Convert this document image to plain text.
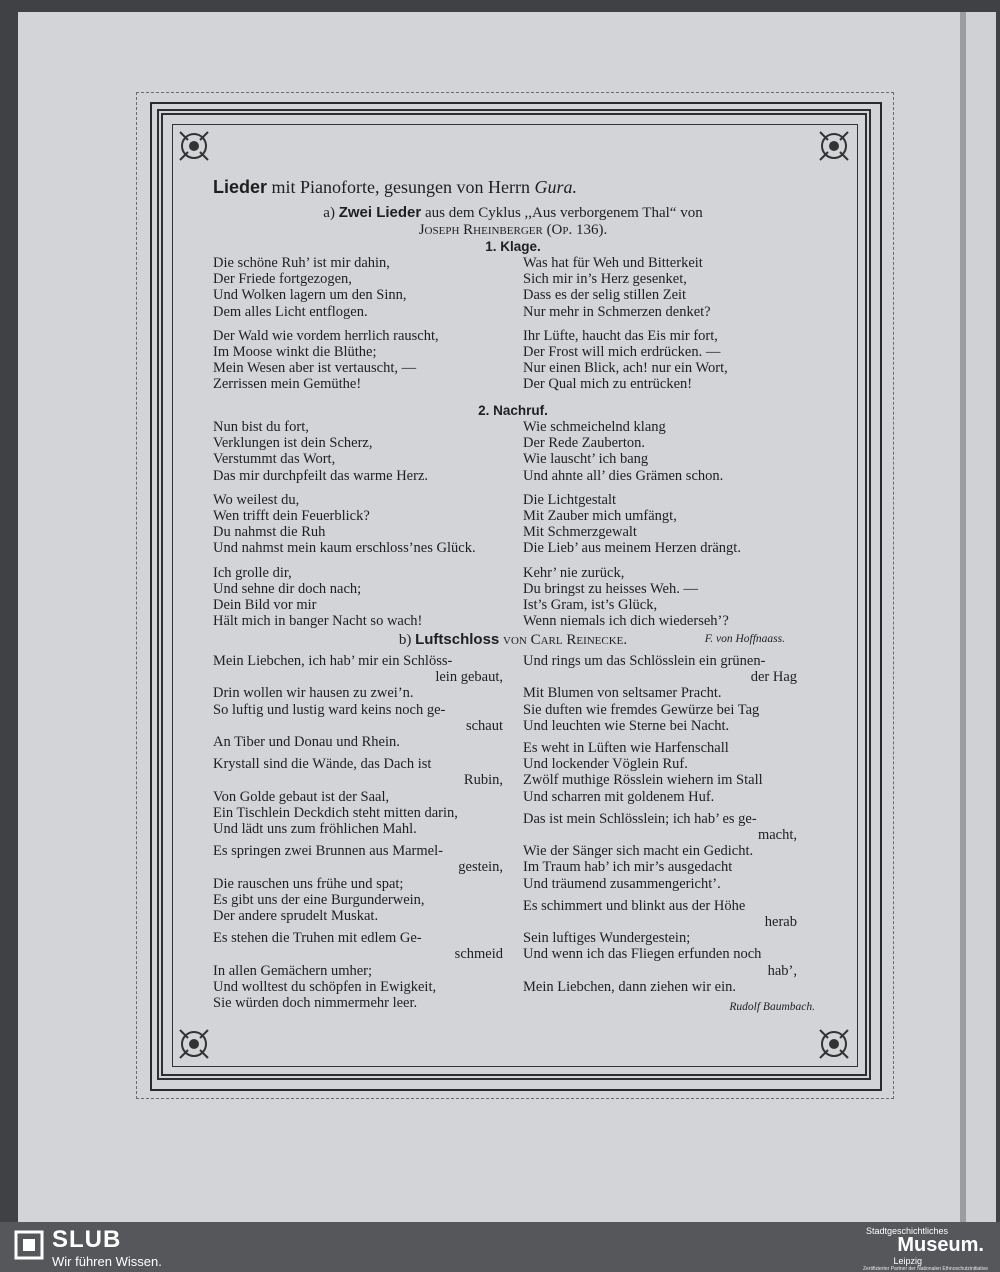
Lieder mit Pianoforte, gesungen von Herrn Gura.

a) Zwei Lieder aus dem Cyklus ,,Aus verborgenem Thal“ von
Joseph Rheinberger (Op. 136).
1. Klage.
Die schöne Ruh’ ist mir dahin,
Der Friede fortgezogen,
Und Wolken lagern um den Sinn,
Dem alles Licht entflogen.
Der Wald wie vordem herrlich rauscht,
Im Moose winkt die Blüthe;
Mein Wesen aber ist vertauscht, —
Zerrissen mein Gemüthe!
Was hat für Weh und Bitterkeit
Sich mir in’s Herz gesenket,
Dass es der selig stillen Zeit
Nur mehr in Schmerzen denket?
Ihr Lüfte, haucht das Eis mir fort,
Der Frost will mich erdrücken. —
Nur einen Blick, ach! nur ein Wort,
Der Qual mich zu entrücken!
2. Nachruf.
Nun bist du fort,
Verklungen ist dein Scherz,
Verstummt das Wort,
Das mir durchpfeilt das warme Herz.
Wo weilest du,
Wen trifft dein Feuerblick?
Du nahmst die Ruh
Und nahmst mein kaum erschloss’nes Glück.
Ich grolle dir,
Und sehne dir doch nach;
Dein Bild vor mir
Hält mich in banger Nacht so wach!
Wie schmeichelnd klang
Der Rede Zauberton.
Wie lauscht’ ich bang
Und ahnte all’ dies Grämen schon.
Die Lichtgestalt
Mit Zauber mich umfängt,
Mit Schmerzgewalt
Die Lieb’ aus meinem Herzen drängt.
Kehr’ nie zurück,
Du bringst zu heisses Weh. —
Ist’s Gram, ist’s Glück,
Wenn niemals ich dich wiederseh’?
b) Luftschloss von Carl Reinecke.	F. von Hoffnaass.
Mein Liebchen, ich hab’ mir ein Schlöss-
lein gebaut,
Drin wollen wir hausen zu zwei’n.
So luftig und lustig ward keins noch ge-
schaut
An Tiber und Donau und Rhein.
Krystall sind die Wände, das Dach ist
Rubin,
Von Golde gebaut ist der Saal,
Ein Tischlein Deckdich steht mitten darin,
Und lädt uns zum fröhlichen Mahl.
Es springen zwei Brunnen aus Marmel-
gestein,
Die rauschen uns frühe und spat;
Es gibt uns der eine Burgunderwein,
Der andere sprudelt Muskat.
Es stehen die Truhen mit edlem Ge-
schmeid
In allen Gemächern umher;
Und wolltest du schöpfen in Ewigkeit,
Sie würden doch nimmermehr leer.
Und rings um das Schlösslein ein grünen-
der Hag
Mit Blumen von seltsamer Pracht.
Sie duften wie fremdes Gewürze bei Tag
Und leuchten wie Sterne bei Nacht.
Es weht in Lüften wie Harfenschall
Und lockender Vöglein Ruf.
Zwölf muthige Rösslein wiehern im Stall
Und scharren mit goldenem Huf.
Das ist mein Schlösslein; ich hab’ es ge-
macht,
Wie der Sänger sich macht ein Gedicht.
Im Traum hab’ ich mir’s ausgedacht
Und träumend zusammengericht’.
Es schimmert und blinkt aus der Höhe
herab
Sein luftiges Wundergestein;
Und wenn ich das Fliegen erfunden noch
hab’,
Mein Liebchen, dann ziehen wir ein.
Rudolf Baumbach.
SLUB
Wir führen Wissen.
Stadtgeschichtliches
Museum.
Leipzig
Zertifizierter Partner der Nationalen Ethnoschutzinitiative
